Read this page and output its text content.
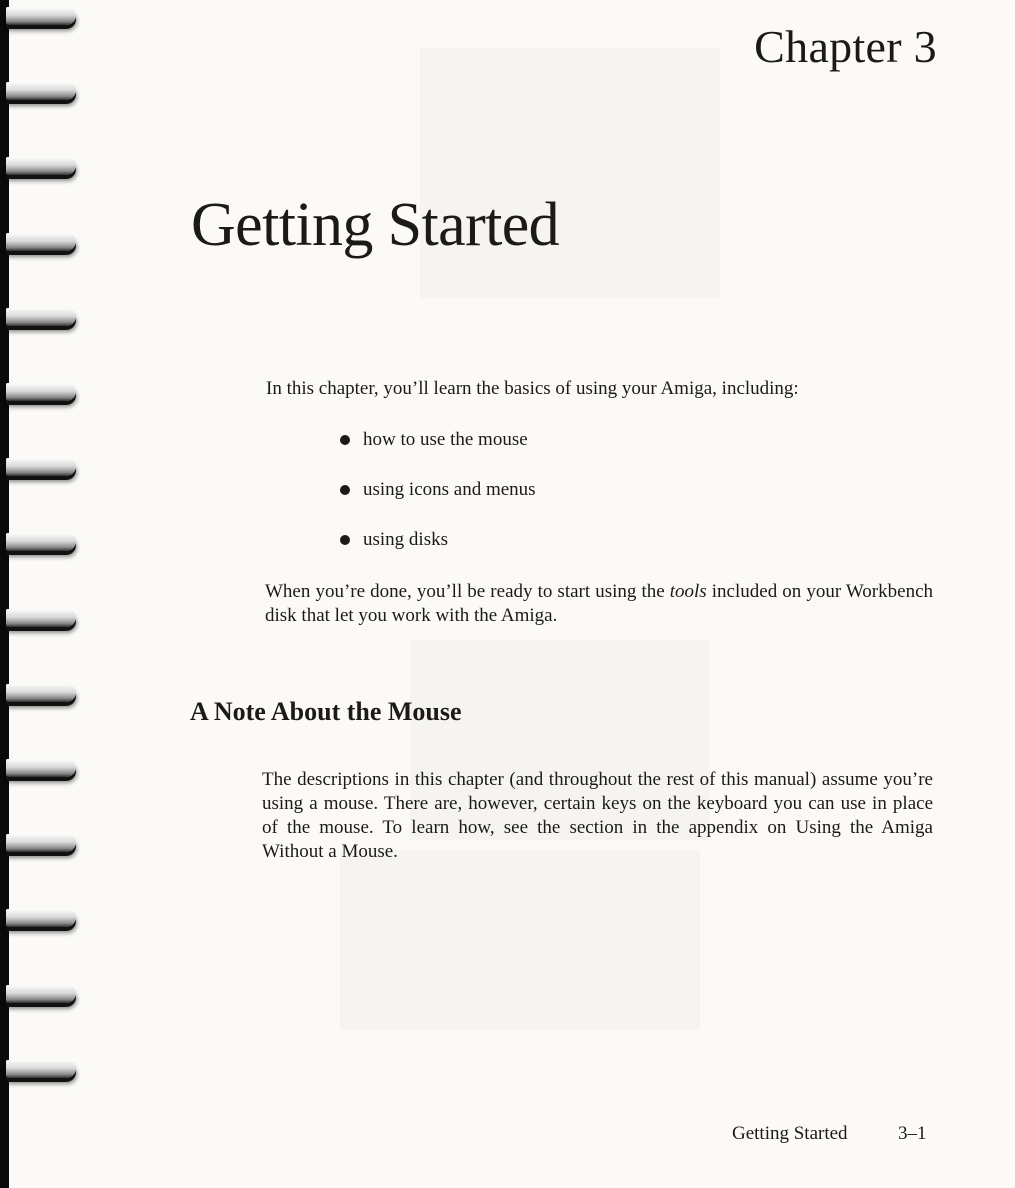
Chapter 3
Getting Started

In this chapter, you’ll learn the basics of using your Amiga, including:

how to use the mouse
using icons and menus
using disks

When you’re done, you’ll be ready to start using the tools included on your Workbench disk that let you work with the Amiga.

A Note About the Mouse

The descriptions in this chapter (and throughout the rest of this manual) assume you’re using a mouse. There are, however, certain keys on the keyboard you can use in place of the mouse. To learn how, see the section in the appendix on Using the Amiga Without a Mouse.

Getting Started	3–1
